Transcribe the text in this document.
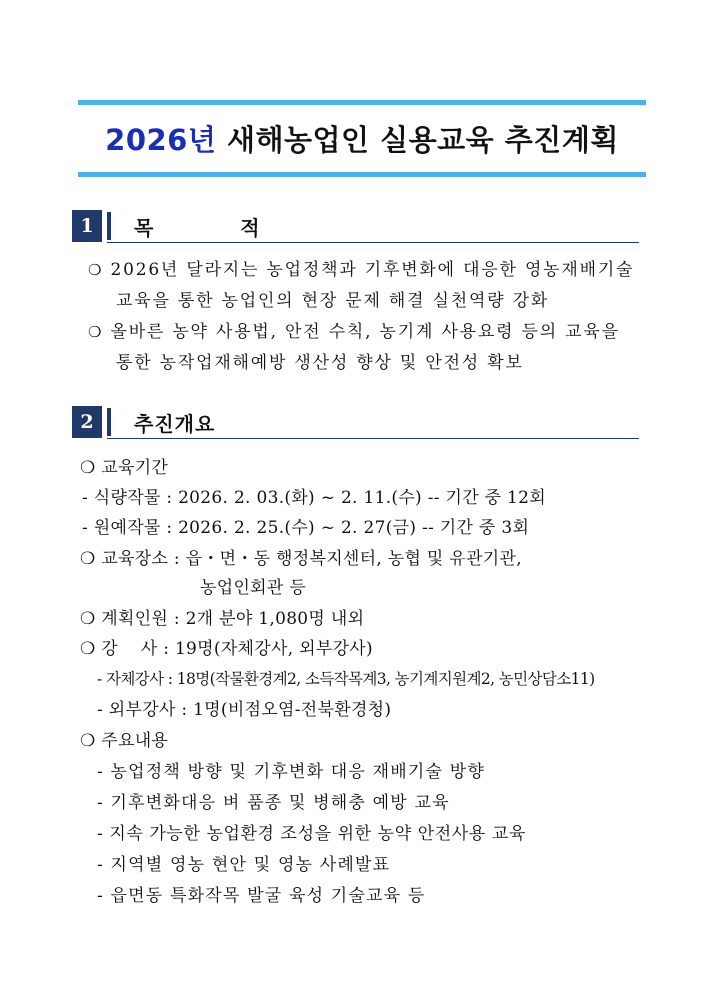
2026년 새해농업인 실용교육 추진계획
1	목 적
❍ 2026년 달라지는 농업정책과 기후변화에 대응한 영농재배기술
교육을 통한 농업인의 현장 문제 해결 실천역량 강화
❍ 올바른 농약 사용법, 안전 수칙, 농기계 사용요령 등의 교육을
통한 농작업재해예방 생산성 향상 및 안전성 확보
2	추진개요
❍ 교육기간
- 식량작물 : 2026. 2. 03.(화) ~ 2. 11.(수) -- 기간 중 12회
- 원예작물 : 2026. 2. 25.(수) ~ 2. 27(금) -- 기간 중 3회
❍ 교육장소 : 읍・면・동 행정복지센터, 농협 및 유관기관,
농업인회관 등
❍ 계획인원 : 2개 분야 1,080명 내외
❍ 강    사 : 19명(자체강사, 외부강사)
- 자체강사 : 18명(작물환경계2, 소득작목계3, 농기계지원계2, 농민상담소11)
- 외부강사 : 1명(비점오염-전북환경청)
❍ 주요내용
- 농업정책 방향 및 기후변화 대응 재배기술 방향
- 기후변화대응 벼 품종 및 병해충 예방 교육
- 지속 가능한 농업환경 조성을 위한 농약 안전사용 교육
- 지역별 영농 현안 및 영농 사례발표
- 읍면동 특화작목 발굴 육성 기술교육 등
